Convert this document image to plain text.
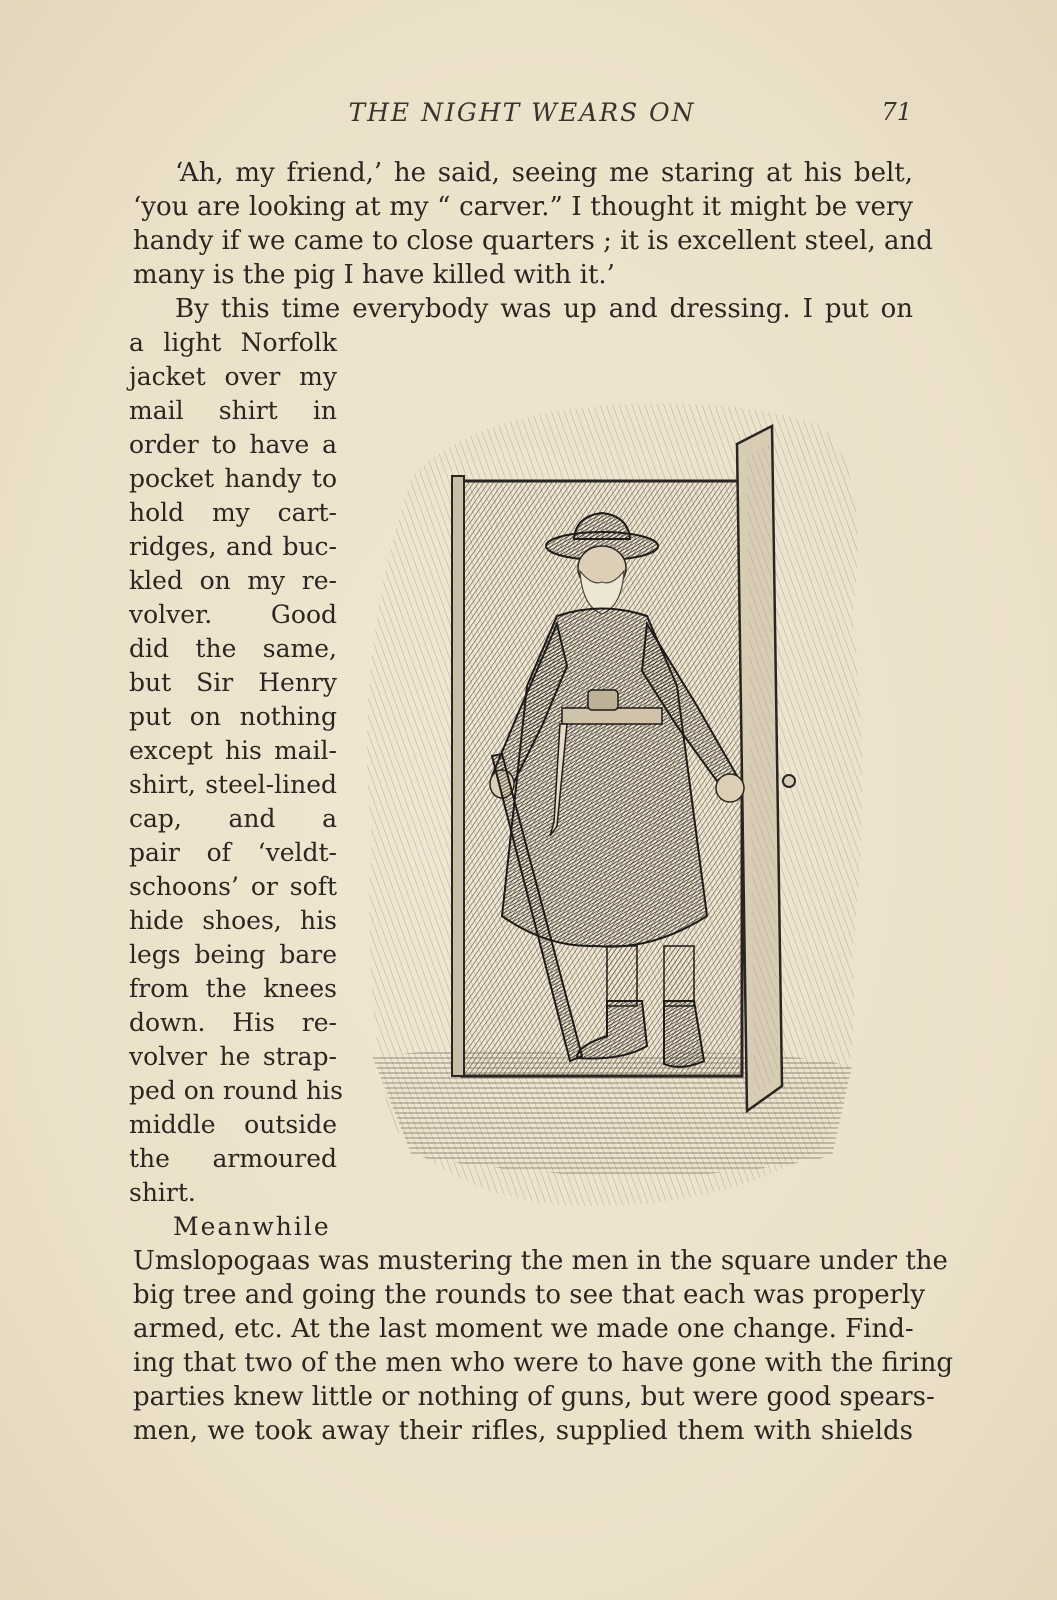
THE NIGHT WEARS ON	71
‘Ah, my friend,’ he said, seeing me staring at his belt,
‘you are looking at my “ carver.” I thought it might be very
handy if we came to close quarters ; it is excellent steel, and
many is the pig I have killed with it.’
By this time everybody was up and dressing. I put on
a light Norfolk
jacket over my
mail shirt in
order to have a
pocket handy to
hold my cart-
ridges, and buc-
kled on my re-
volver. Good
did the same,
but Sir Henry
put on nothing
except his mail-
shirt, steel-lined
cap, and a
pair of ‘veldt-
schoons’ or soft
hide shoes, his
legs being bare
from the knees
down. His re-
volver he strap-
ped on round his
middle outside
the armoured
shirt.
Meanwhile
Umslopogaas was mustering the men in the square under the
big tree and going the rounds to see that each was properly
armed, etc. At the last moment we made one change. Find-
ing that two of the men who were to have gone with the firing
parties knew little or nothing of guns, but were good spears-
men, we took away their rifles, supplied them with shields
